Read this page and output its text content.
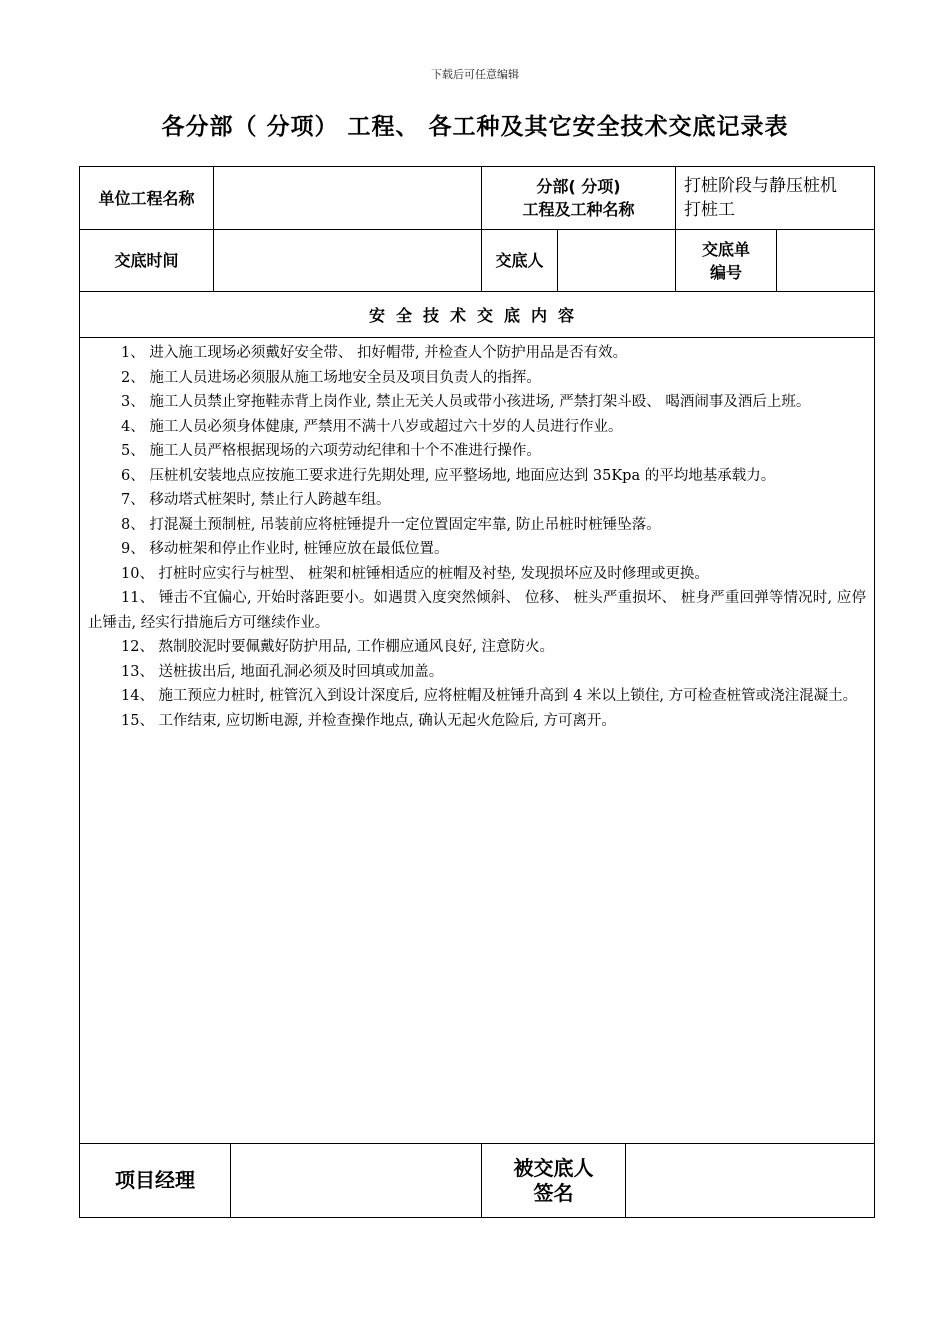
下载后可任意编辑
各分部（ 分项） 工程、 各工种及其它安全技术交底记录表
单位工程名称
分部( 分项)
工程及工种名称
打桩阶段与静压桩机
打桩工
交底时间	交底人
交底单
编号
安全技术交底内容

1、 进入施工现场必须戴好安全带、 扣好帽带, 并检查人个防护用品是否有效。

2、 施工人员进场必须服从施工场地安全员及项目负责人的指挥。

3、 施工人员禁止穿拖鞋赤背上岗作业, 禁止无关人员或带小孩进场, 严禁打架斗殴、 喝酒闹事及酒后上班。

4、 施工人员必须身体健康, 严禁用不满十八岁或超过六十岁的人员进行作业。

5、 施工人员严格根据现场的六项劳动纪律和十个不准进行操作。

6、 压桩机安装地点应按施工要求进行先期处理, 应平整场地, 地面应达到 35Kpa 的平均地基承载力。

7、 移动塔式桩架时, 禁止行人跨越车组。

8、 打混凝土预制桩, 吊装前应将桩锤提升一定位置固定牢靠, 防止吊桩时桩锤坠落。

9、 移动桩架和停止作业时, 桩锤应放在最低位置。

10、 打桩时应实行与桩型、 桩架和桩锤相适应的桩帽及衬垫, 发现损坏应及时修理或更换。

11、 锤击不宜偏心, 开始时落距要小。如遇贯入度突然倾斜、 位移、 桩头严重损坏、 桩身严重回弹等情况时, 应停止锤击, 经实行措施后方可继续作业。

12、 熬制胶泥时要佩戴好防护用品, 工作棚应通风良好, 注意防火。

13、 送桩拔出后, 地面孔洞必须及时回填或加盖。

14、 施工预应力桩时, 桩管沉入到设计深度后, 应将桩帽及桩锤升高到 4 米以上锁住, 方可检查桩管或浇注混凝土。

15、 工作结束, 应切断电源, 并检查操作地点, 确认无起火危险后, 方可离开。

项目经理
被交底人
签名
